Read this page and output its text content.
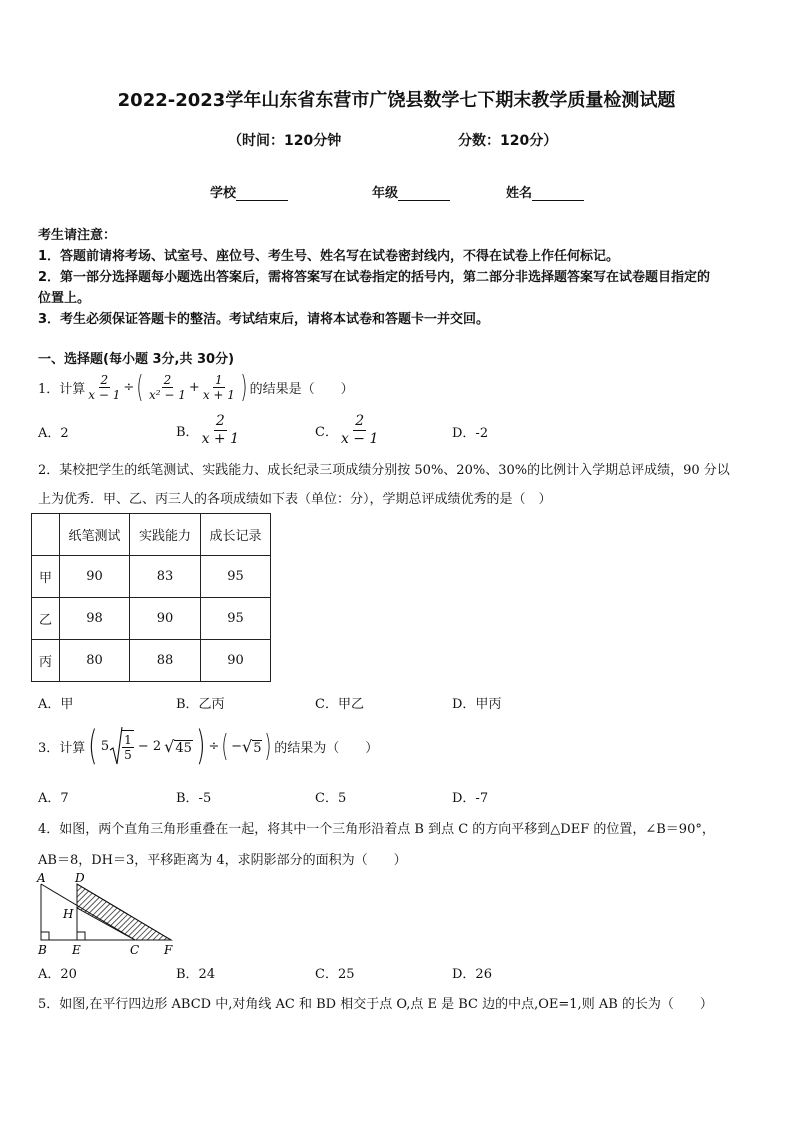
2022-2023学年山东省东营市广饶县数学七下期末教学质量检测试题
（时间：120分钟	分数：120分）
学校	年级	姓名
考生请注意：
1．答题前请将考场、试室号、座位号、考生号、姓名写在试卷密封线内，不得在试卷上作任何标记。
2．第一部分选择题每小题选出答案后，需将答案写在试卷指定的括号内，第二部分非选择题答案写在试卷题目指定的
位置上。
3．考生必须保证答题卡的整洁。考试结束后，请将本试卷和答题卡一并交回。
一、选择题(每小题 3分,共 30分)
1．计算 $\frac{2}{x - 1}$ ÷ ( $\frac{2}{\text{x² − 1}} + \frac{1}{x + 1}$ ) 的结果是（　　）
A．2	B． $\frac{2}{x + 1}$	C． $\frac{2}{x - 1}$	D．-2
2．某校把学生的纸笔测试、实践能力、成长纪录三项成绩分别按 50%、20%、30%的比例计入学期总评成绩，90 分以
上为优秀．甲、乙、丙三人的各项成绩如下表（单位：分），学期总评成绩优秀的是（　）
	纸笔测试	实践能力	成长记录
甲	90	83	95
乙	98	90	95
丙	80	88	90
A．甲	B．乙丙	C．甲乙	D．甲丙
3．计算 ( $5 \frac{1}{5} - 2$ √ 45 ) ÷ ( − √ 5 ) 的结果为（　　）
A．7	B．-5	C．5	D．-7
4．如图，两个直角三角形重叠在一起，将其中一个三角形沿着点 B 到点 C 的方向平移到△DEF 的位置，∠B＝90°，
AB＝8，DH＝3，平移距离为 4，求阴影部分的面积为（　　）
A D
H
B E	C F
A．20	B．24	C．25	D．26
5．如图,在平行四边形 ABCD 中,对角线 AC 和 BD 相交于点 O,点 E 是 BC 边的中点,OE=1,则 AB 的长为（　　）
